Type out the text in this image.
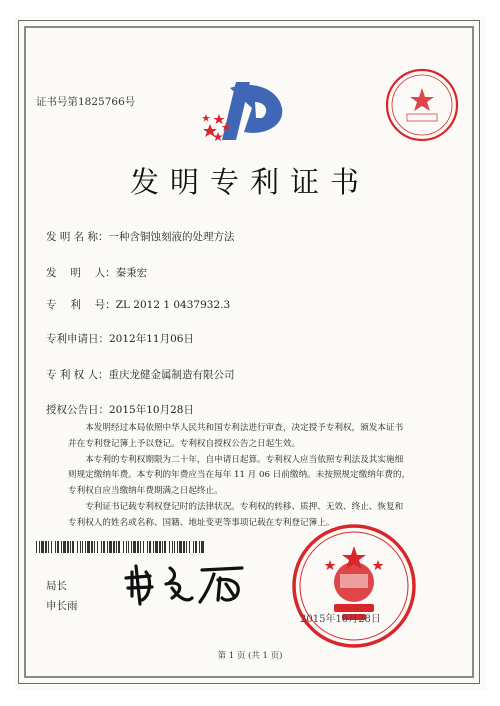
证书号第1825766号
发明专利证书
发 明 名 称：一种含铜蚀刻液的处理方法
发　 明　 人：秦秉宏
专　 利　 号：ZL 2012 1 0437932.3
专利申请日：2012年11月06日
专 利 权 人：重庆龙健金属制造有限公司
授权公告日：2015年10月28日

本发明经过本局依照中华人民共和国专利法进行审查，决定授予专利权，颁发本证书

并在专利登记簿上予以登记。专利权自授权公告之日起生效。

本专利的专利权期限为二十年，自申请日起算。专利权人应当依照专利法及其实施细

则规定缴纳年费。本专利的年费应当在每年 11 月 06 日前缴纳。未按照规定缴纳年费的，

专利权自应当缴纳年费期满之日起终止。

专利证书记载专利权登记时的法律状况。专利权的转移、质押、无效、终止、恢复和

专利权人的姓名或名称、国籍、地址变更等事项记载在专利登记簿上。

局长
申长雨
2015年10月28日
第 1 页 (共 1 页)
